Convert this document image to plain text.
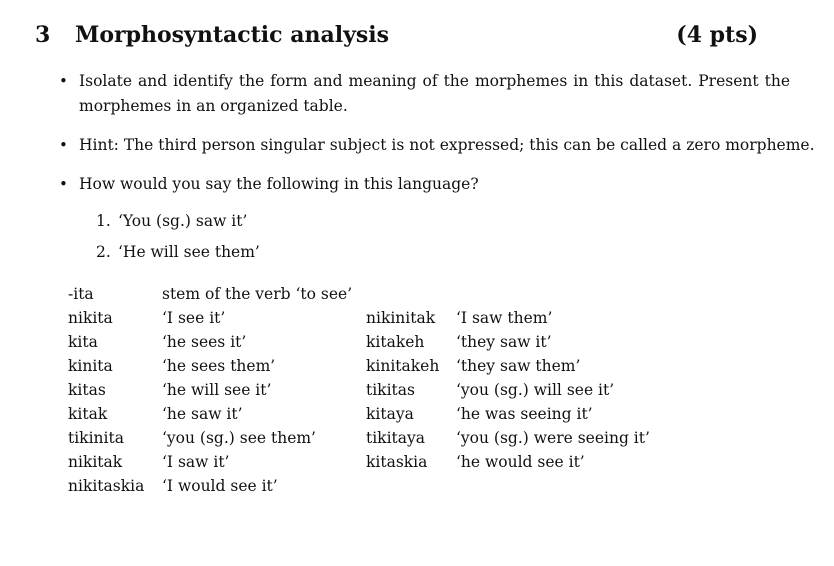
3 Morphosyntactic analysis	(4 pts)
• Isolate and identify the form and meaning of the morphemes in this dataset. Present the
morphemes in an organized table.
• Hint: The third person singular subject is not expressed; this can be called a zero morpheme.
• How would you say the following in this language?
1. ‘You (sg.) saw it’
2. ‘He will see them’
-ita	stem of the verb ‘to see’
nikita	‘I see it’
kita	‘he sees it’
kinita	‘he sees them’
kitas	‘he will see it’
kitak	‘he saw it’
tikinita ‘you (sg.) see them’
nikitak	‘I saw it’
nikitaskia ‘I would see it’
nikinitak ‘I saw them’
kitakeh ‘they saw it’
kinitakeh ‘they saw them’
tikitas	‘you (sg.) will see it’
kitaya	‘he was seeing it’
tikitaya ‘you (sg.) were seeing it’
kitaskia ‘he would see it’
